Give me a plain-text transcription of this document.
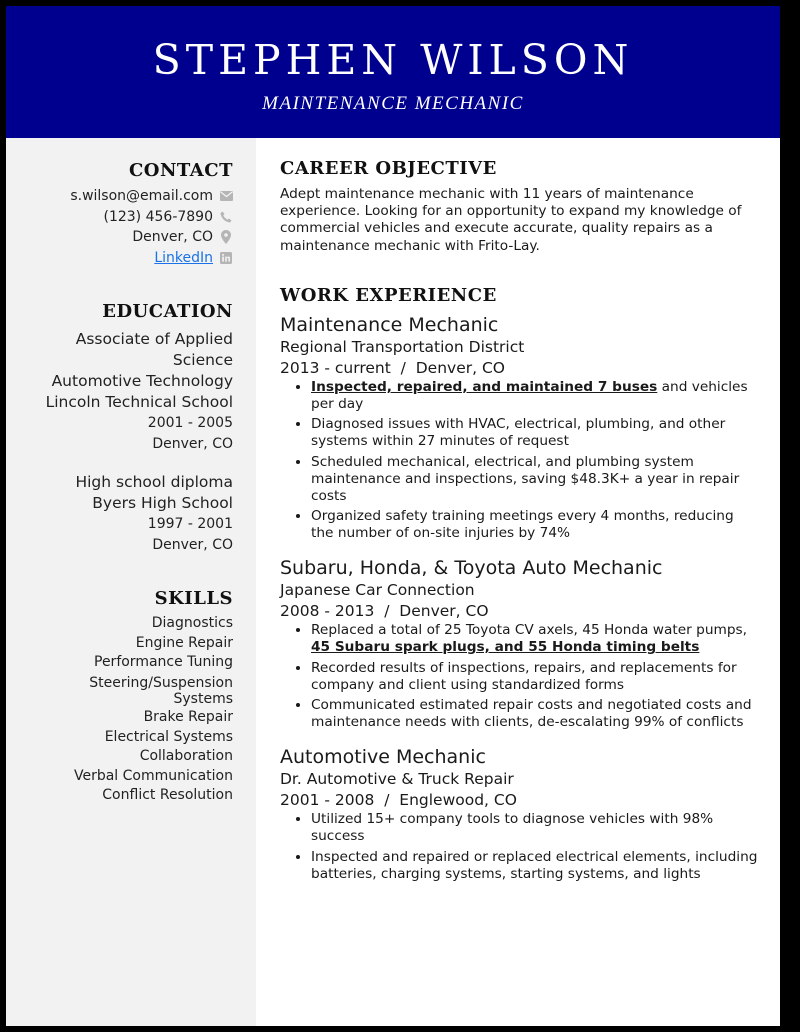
STEPHEN WILSON
MAINTENANCE MECHANIC
CONTACT
s.wilson@email.com
(123) 456-7890
Denver, CO
LinkedIn
EDUCATION
Associate of Applied
Science
Automotive Technology
Lincoln Technical School
2001 - 2005
Denver, CO
High school diploma
Byers High School
1997 - 2001
Denver, CO
SKILLS
Diagnostics
Engine Repair
Performance Tuning
Steering/Suspension
Systems
Brake Repair
Electrical Systems
Collaboration
Verbal Communication
Conflict Resolution
CAREER OBJECTIVE
Adept maintenance mechanic with 11 years of maintenance experience. Looking for an opportunity to expand my knowledge of commercial vehicles and execute accurate, quality repairs as a maintenance mechanic with Frito-Lay.
WORK EXPERIENCE
Maintenance Mechanic
Regional Transportation District
2013 - current  /  Denver, CO
• Inspected, repaired, and maintained 7 buses and vehicles per day
• Diagnosed issues with HVAC, electrical, plumbing, and other systems within 27 minutes of request
• Scheduled mechanical, electrical, and plumbing system maintenance and inspections, saving $48.3K+ a year in repair costs
• Organized safety training meetings every 4 months, reducing the number of on-site injuries by 74%
Subaru, Honda, & Toyota Auto Mechanic
Japanese Car Connection
2008 - 2013  /  Denver, CO
• Replaced a total of 25 Toyota CV axels, 45 Honda water pumps, 45 Subaru spark plugs, and 55 Honda timing belts
• Recorded results of inspections, repairs, and replacements for company and client using standardized forms
• Communicated estimated repair costs and negotiated costs and maintenance needs with clients, de-escalating 99% of conflicts
Automotive Mechanic
Dr. Automotive & Truck Repair
2001 - 2008  /  Englewood, CO
• Utilized 15+ company tools to diagnose vehicles with 98% success
• Inspected and repaired or replaced electrical elements, including batteries, charging systems, starting systems, and lights
